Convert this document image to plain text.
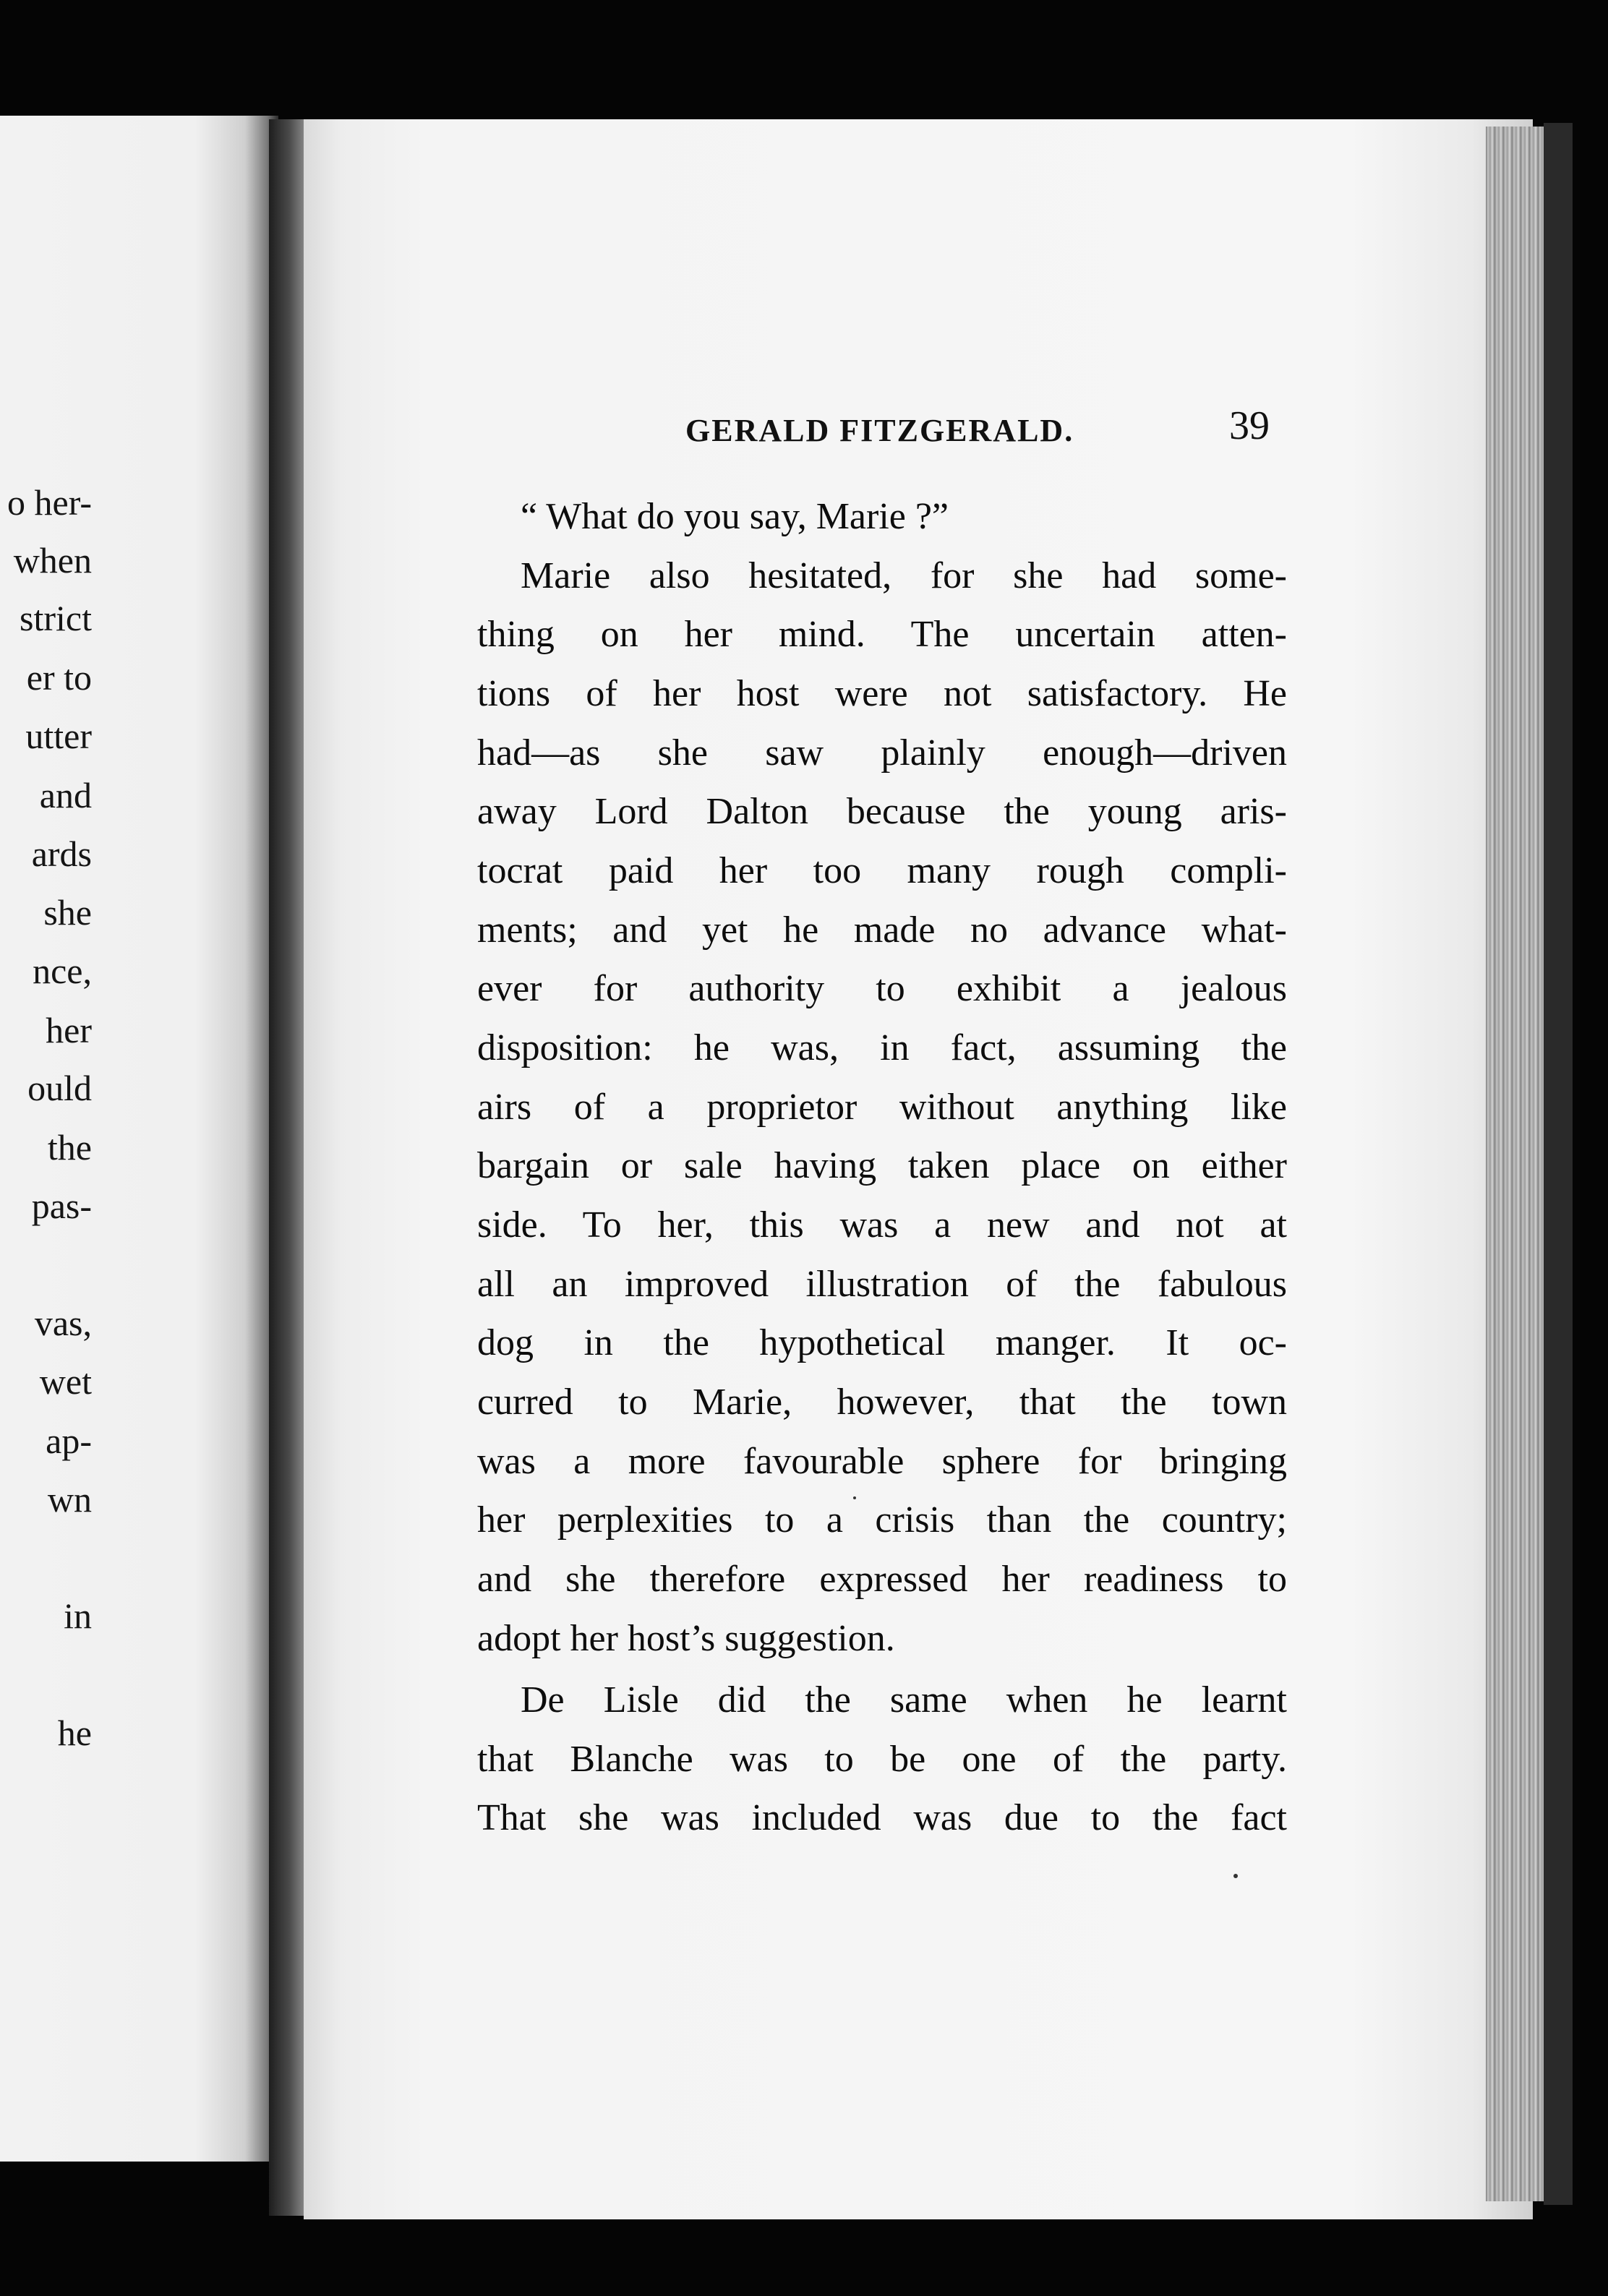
o her-
when
strict
er to
utter
and
ards
she
nce,
her
ould
the
pas-
vas,
wet
ap-
wn
in
he
GERALD FITZGERALD.	39
“ What do you say, Marie ?”
Marie also hesitated, for she had some-
thing on her mind. The uncertain atten-
tions of her host were not satisfactory. He
had—as she saw plainly enough—driven
away Lord Dalton because the young aris-
tocrat paid her too many rough compli-
ments; and yet he made no advance what-
ever for authority to exhibit a jealous
disposition: he was, in fact, assuming the
airs of a proprietor without anything like
bargain or sale having taken place on either
side. To her, this was a new and not at
all an improved illustration of the fabulous
dog in the hypothetical manger. It oc-
curred to Marie, however, that the town
was a more favourable sphere for bringing
her perplexities to a crisis than the country;
and she therefore expressed her readiness to
adopt her host’s suggestion.
De Lisle did the same when he learnt
that Blanche was to be one of the party.
That she was included was due to the fact
